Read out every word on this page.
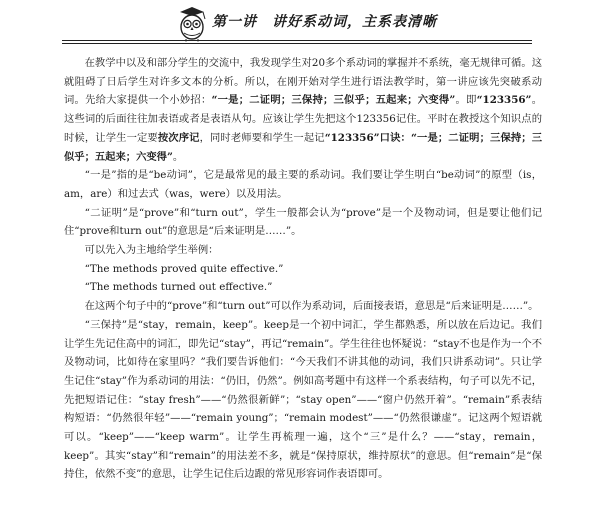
第一讲　讲好系动词，主系表清晰

在教学中以及和部分学生的交流中，我发现学生对20多个系动词的掌握并不系统，毫无规律可循。这就阻碍了日后学生对许多文本的分析。所以，在刚开始对学生进行语法教学时，第一讲应该先突破系动词。先给大家提供一个小妙招：“一是；二证明；三保持；三似乎；五起来；六变得”。即“123356”。这些词的后面往往加表语或者是表语从句。应该让学生先把这个123356记住。平时在教授这个知识点的时候，让学生一定要按次序记，同时老师要和学生一起记“123356”口诀：“一是；二证明；三保持；三似乎；五起来；六变得”。

“一是”指的是“be动词”，它是最常见的最主要的系动词。我们要让学生明白“be动词”的原型（is，am，are）和过去式（was，were）以及用法。

“二证明”是“prove”和“turn out”，学生一般都会认为“prove”是一个及物动词，但是要让他们记住“prove和turn out”的意思是“后来证明是……”。

可以先入为主地给学生举例：

“The methods proved quite effective.”

“The methods turned out effective.”

在这两个句子中的“prove”和“turn out”可以作为系动词，后面接表语，意思是“后来证明是……”。

“三保持”是“stay，remain，keep”。keep是一个初中词汇，学生都熟悉，所以放在后边记。我们让学生先记住高中的词汇，即先记“stay”，再记“remain”。学生往往也怀疑说：“stay不也是作为一个不及物动词，比如待在家里吗？”我们要告诉他们：“今天我们不讲其他的动词，我们只讲系动词”。只让学生记住“stay”作为系动词的用法：“仍旧，仍然”。例如高考题中有这样一个系表结构，句子可以先不记，先把短语记住：“stay fresh”——“仍然很新鲜”；“stay open”——“窗户仍然开着”。“remain”系表结构短语：“仍然很年轻”——“remain young”；“remain modest”——“仍然很谦虚”。记这两个短语就可以。“keep”——“keep warm”。让学生再梳理一遍，这个“三”是什么？——“stay，remain，keep”。其实“stay”和“remain”的用法差不多，就是“保持原状，维持原状”的意思。但“remain”是“保持住，依然不变”的意思，让学生记住后边跟的常见形容词作表语即可。
